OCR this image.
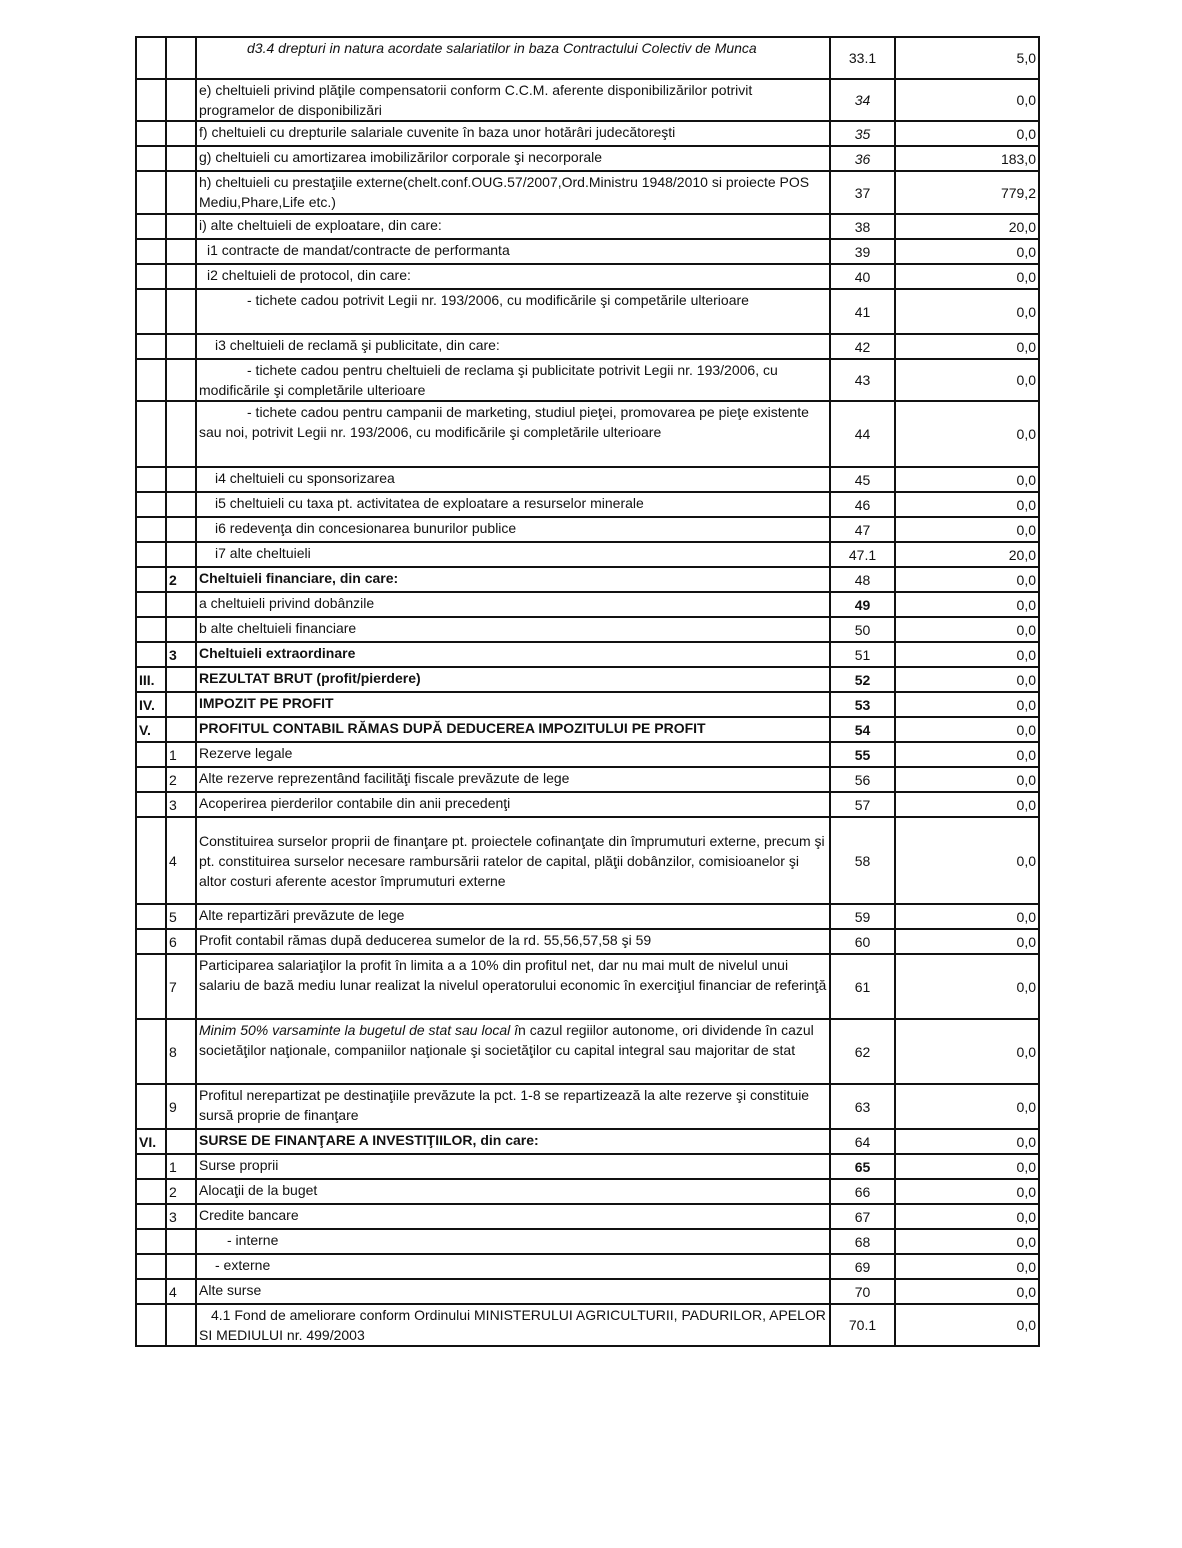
		d3.4 drepturi in natura acordate salariatilor in baza Contractului Colectiv de Munca	33.1	5,0
		e) cheltuieli privind plăţile compensatorii conform C.C.M. aferente disponibilizărilor potrivit programelor de disponibilizări	34	0,0
		f) cheltuieli cu drepturile salariale cuvenite în baza unor hotărâri judecătoreşti	35	0,0
		g) cheltuieli cu amortizarea imobilizărilor corporale şi necorporale	36	183,0
		h) cheltuieli cu prestaţiile externe(chelt.conf.OUG.57/2007,Ord.Ministru 1948/2010 si proiecte POS Mediu,Phare,Life etc.)	37	779,2
		i) alte cheltuieli de exploatare, din care:	38	20,0
		i1 contracte de mandat/contracte de performanta	39	0,0
		i2 cheltuieli de protocol, din care:	40	0,0
		- tichete cadou potrivit Legii nr. 193/2006, cu modificările şi competările ulterioare	41	0,0
		i3 cheltuieli de reclamă şi publicitate, din care:	42	0,0
		- tichete cadou pentru cheltuieli de reclama şi publicitate potrivit Legii nr. 193/2006, cu modificările şi completările ulterioare	43	0,0
		- tichete cadou pentru campanii de marketing, studiul pieţei, promovarea pe pieţe existente sau noi, potrivit Legii nr. 193/2006, cu modificările şi completările ulterioare	44	0,0
		i4 cheltuieli cu sponsorizarea	45	0,0
		i5 cheltuieli cu taxa pt. activitatea de exploatare a resurselor minerale	46	0,0
		i6 redevenţa din concesionarea bunurilor publice	47	0,0
		i7 alte cheltuieli	47.1	20,0
	2	Cheltuieli financiare, din care:	48	0,0
		a cheltuieli privind dobânzile	49	0,0
		b alte cheltuieli financiare	50	0,0
	3	Cheltuieli extraordinare	51	0,0
III.		REZULTAT BRUT (profit/pierdere)	52	0,0
IV.		IMPOZIT PE PROFIT	53	0,0
V.		PROFITUL CONTABIL RĂMAS DUPĂ DEDUCEREA IMPOZITULUI PE PROFIT	54	0,0
	1	Rezerve legale	55	0,0
	2	Alte rezerve reprezentând facilităţi fiscale prevăzute de lege	56	0,0
	3	Acoperirea pierderilor contabile din anii precedenţi	57	0,0
	4	Constituirea surselor proprii de finanţare pt. proiectele cofinanţate din împrumuturi externe, precum şi pt. constituirea surselor necesare rambursării ratelor de capital, plăţii dobânzilor, comisioanelor şi altor costuri aferente acestor împrumuturi externe	58	0,0
	5	Alte repartizări prevăzute de lege	59	0,0
	6	Profit contabil rămas după deducerea sumelor de la rd. 55,56,57,58 şi 59	60	0,0
	7	Participarea salariaţilor la profit în limita a a 10% din profitul net, dar nu mai mult de nivelul unui salariu de bază mediu lunar realizat la nivelul operatorului economic în exerciţiul financiar de referinţă	61	0,0
	8	Minim 50% varsaminte la bugetul de stat sau local în cazul regiilor autonome, ori dividende în cazul societăţilor naţionale, companiilor naţionale şi societăţilor cu capital integral sau majoritar de stat	62	0,0
	9	Profitul nerepartizat pe destinaţiile prevăzute la pct. 1-8 se repartizează la alte rezerve şi constituie sursă proprie de finanţare	63	0,0
VI.		SURSE DE FINANŢARE A INVESTIŢIILOR, din care:	64	0,0
	1	Surse proprii	65	0,0
	2	Alocaţii de la buget	66	0,0
	3	Credite bancare	67	0,0
		- interne	68	0,0
		- externe	69	0,0
	4	Alte surse	70	0,0
		4.1 Fond de ameliorare conform Ordinului MINISTERULUI AGRICULTURII, PADURILOR, APELOR SI MEDIULUI nr. 499/2003	70.1	0,0
